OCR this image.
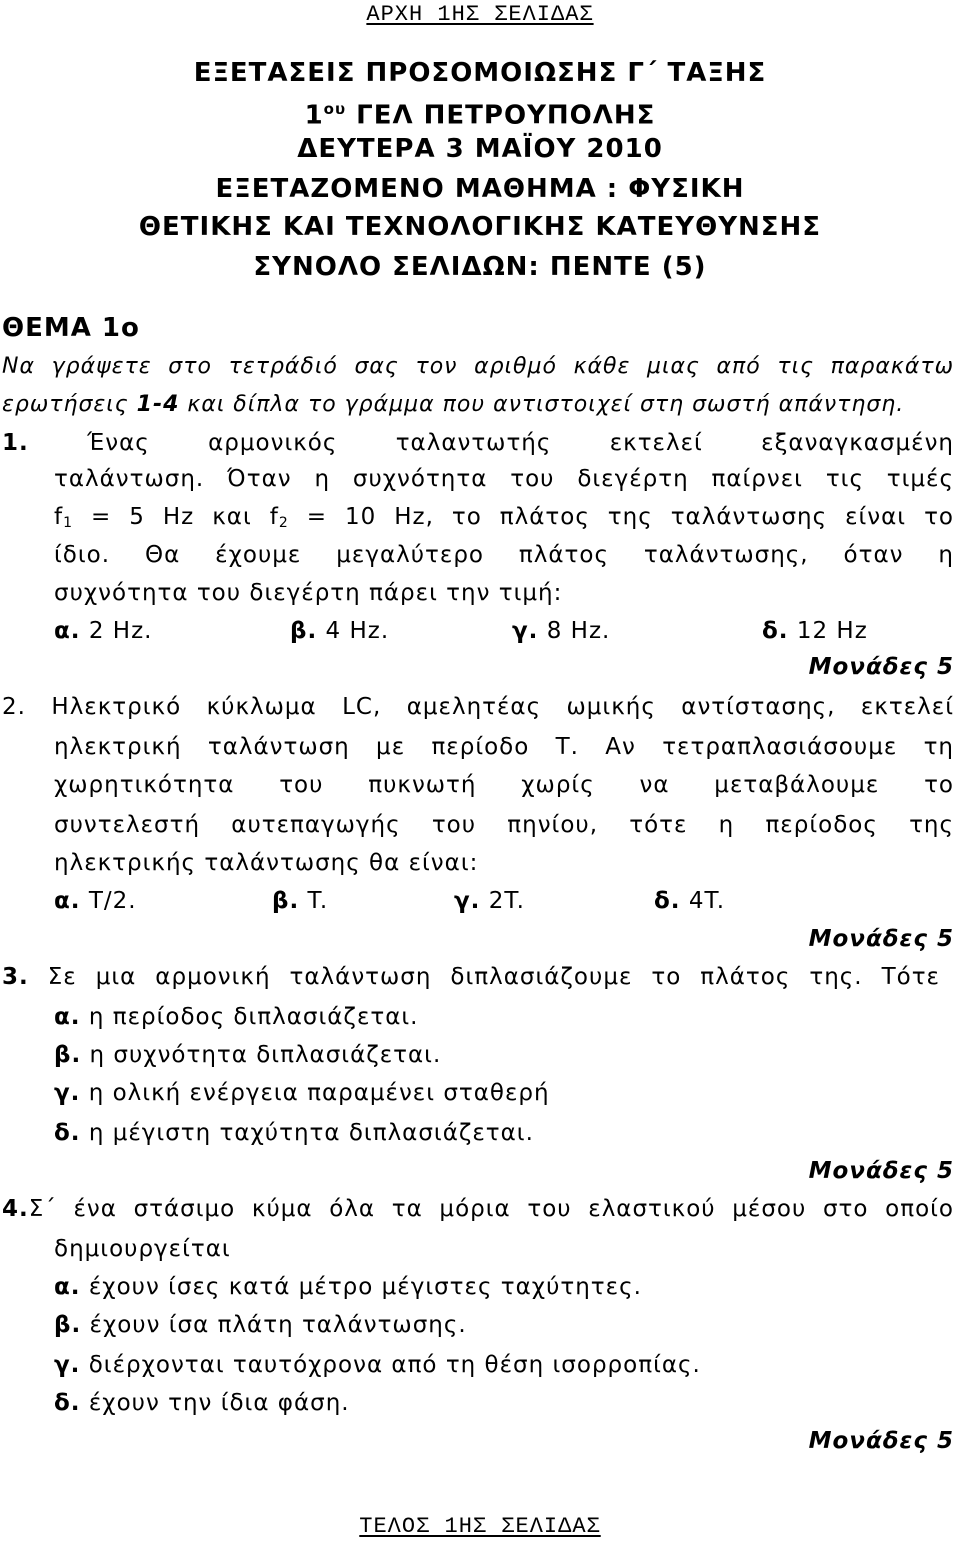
ΑΡΧΗ 1ΗΣ ΣΕΛΙΔΑΣ
ΕΞΕΤΑΣΕΙΣ ΠΡΟΣΟΜΟΙΩΣΗΣ Γ΄ ΤΑΞΗΣ
$1^{o\upsilon}$ ΓΕΛ ΠΕΤΡΟΥΠΟΛΗΣ
ΔΕΥΤΕΡΑ 3 ΜΑΪΟΥ 2010
ΕΞΕΤΑΖΟΜΕΝΟ ΜΑΘΗΜΑ : ΦΥΣΙΚΗ
ΘΕΤΙΚΗΣ ΚΑΙ ΤΕΧΝΟΛΟΓΙΚΗΣ ΚΑΤΕΥΘΥΝΣΗΣ
ΣΥΝΟΛΟ ΣΕΛΙΔΩΝ: ΠΕΝΤΕ (5)
ΘΕΜΑ 1ο
Να γράψετε στο τετράδιό σας τον αριθμό κάθε μιας από τις παρακάτω
ερωτήσεις 1-4 και δίπλα το γράμμα που αντιστοιχεί στη σωστή απάντηση.
1.	Ένας αρμονικός ταλαντωτής εκτελεί εξαναγκασμένη
ταλάντωση. Όταν η συχνότητα του διεγέρτη παίρνει τις τιμές
$f_1 = 5$ Hz και $f_2 = 10$ Hz, το πλάτος της ταλάντωσης είναι το
ίδιο. Θα έχουμε μεγαλύτερο πλάτος ταλάντωσης, όταν η
συχνότητα του διεγέρτη πάρει την τιμή:
α. 2 Hz.	β. 4 Hz.	γ. 8 Hz.	δ. 12 Hz
Μονάδες 5
2. Ηλεκτρικό κύκλωμα LC, αμελητέας ωμικής αντίστασης, εκτελεί
ηλεκτρική ταλάντωση με περίοδο Τ. Αν τετραπλασιάσουμε τη
χωρητικότητα του πυκνωτή χωρίς να μεταβάλουμε το
συντελεστή αυτεπαγωγής του πηνίου, τότε η περίοδος της
ηλεκτρικής ταλάντωσης θα είναι:
α. T/2.	β. T.	γ. 2T.	δ. 4T.
Μονάδες 5
3. Σε μια αρμονική ταλάντωση διπλασιάζουμε το πλάτος της. Τότε
α. η περίοδος διπλασιάζεται.
β. η συχνότητα διπλασιάζεται.
γ. η ολική ενέργεια παραμένει σταθερή
δ. η μέγιστη ταχύτητα διπλασιάζεται.
Μονάδες 5
4.Σ΄ ένα στάσιμο κύμα όλα τα μόρια του ελαστικού μέσου στο οποίο
δημιουργείται
α. έχουν ίσες κατά μέτρο μέγιστες ταχύτητες.
β. έχουν ίσα πλάτη ταλάντωσης.
γ. διέρχονται ταυτόχρονα από τη θέση ισορροπίας.
δ. έχουν την ίδια φάση.
Μονάδες 5
ΤΕΛΟΣ 1ΗΣ ΣΕΛΙΔΑΣ
